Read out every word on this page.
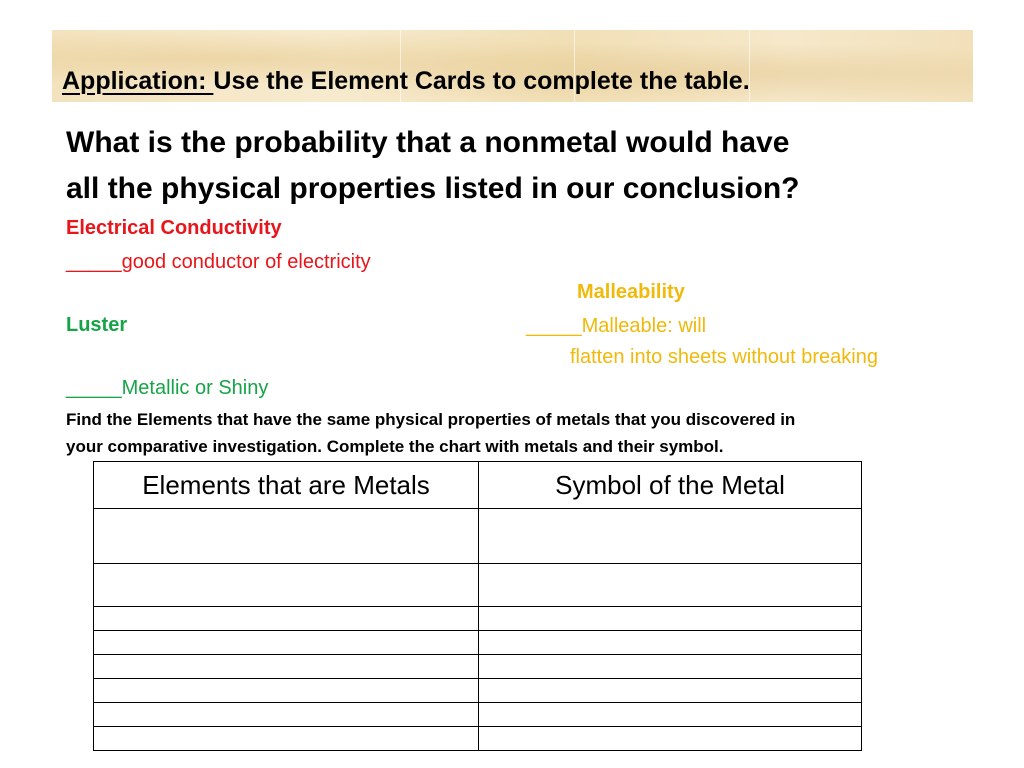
Application: Use the Element Cards to complete the table.
What is the probability that a nonmetal would have
all the physical properties listed in our conclusion?
Electrical Conductivity
_____good conductor of electricity
Malleability
Luster	_____Malleable: will
flatten into sheets without breaking
_____Metallic or Shiny
Find the Elements that have the same physical properties of metals that you discovered in
your comparative investigation. Complete the chart with metals and their symbol.
Elements that are Metals	Symbol of the Metal
